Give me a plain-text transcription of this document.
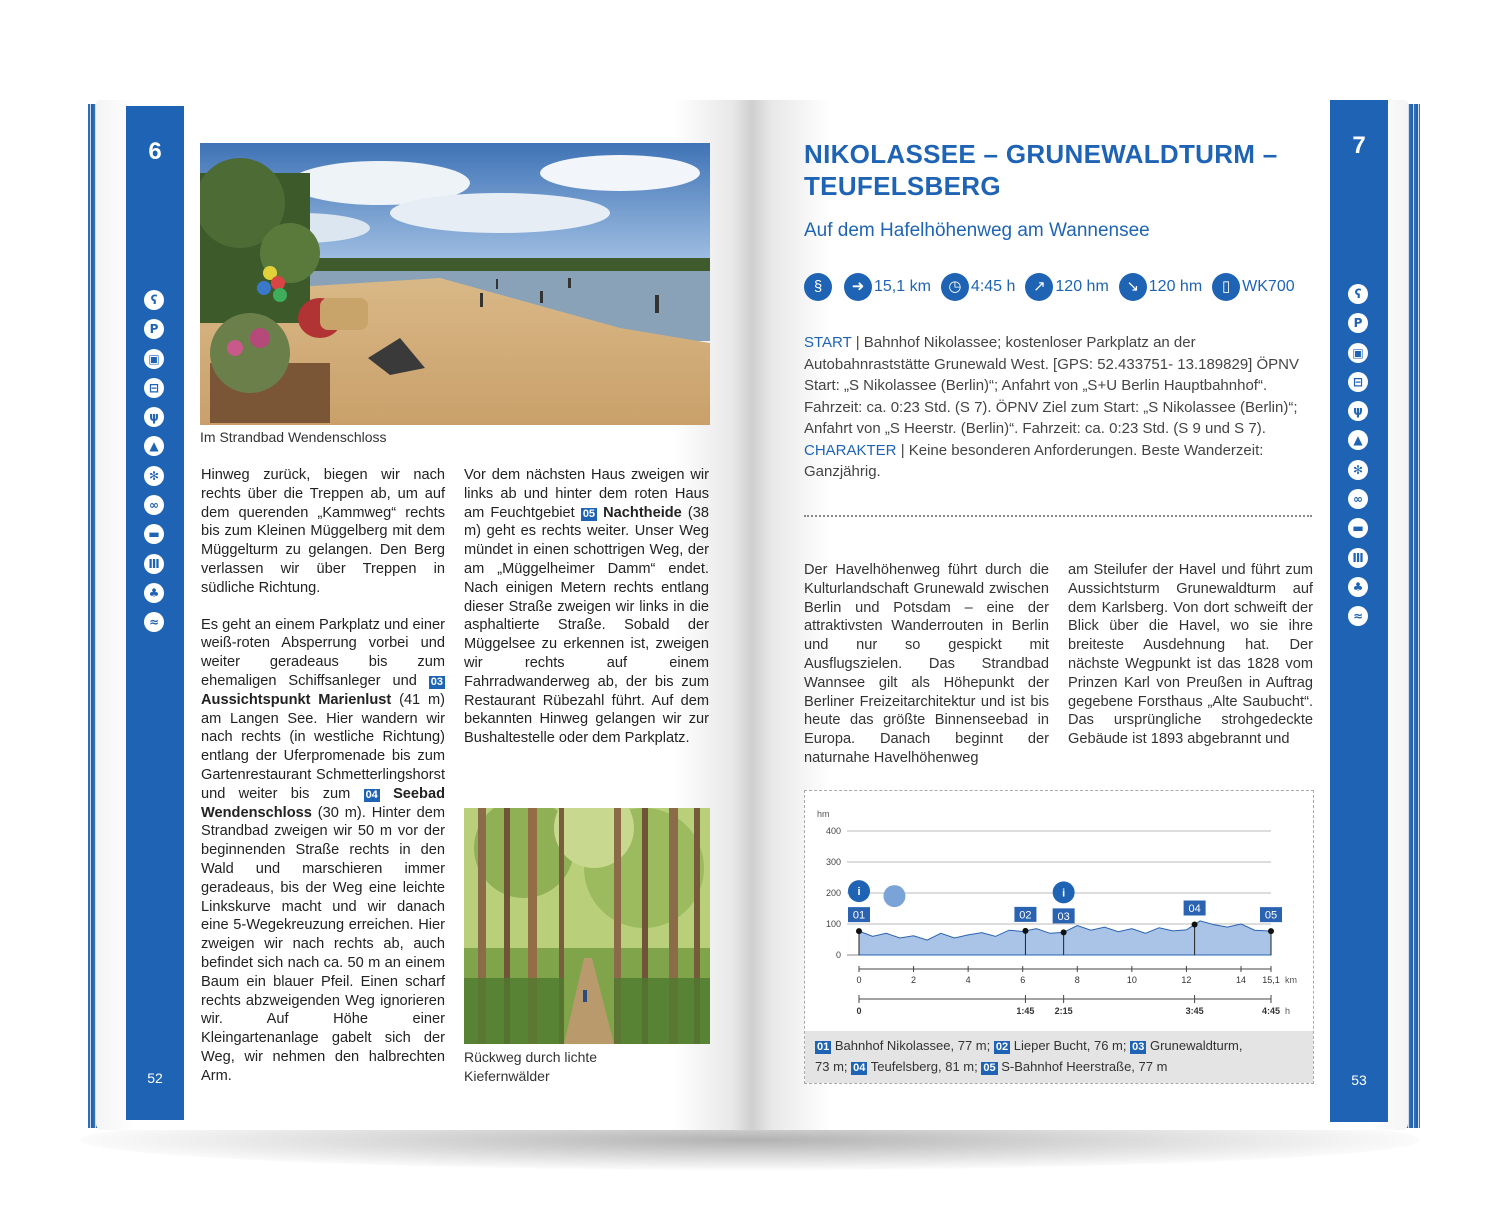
6
ʕ
P
▣
⊟
ψ
▲
✻
∞
▬
Ⅲ
♣
≈
52
7
ʕ
P
▣
⊟
ψ
▲
✻
∞
▬
Ⅲ
♣
≈
53
Im Strandbad Wendenschloss

Hinweg zurück, biegen wir nach rechts über die Treppen ab, um auf dem querenden „Kammweg“ rechts bis zum Kleinen Müggelberg mit dem Müggelturm zu gelangen. Den Berg verlassen wir über Treppen in südliche Richtung.

Es geht an einem Parkplatz und einer weiß-roten Absperrung vorbei und weiter geradeaus bis zum ehemaligen Schiffsanleger und 03 Aussichtspunkt Marienlust (41 m) am Langen See. Hier wandern wir nach rechts (in westliche Richtung) entlang der Uferpromenade bis zum Gartenrestaurant Schmetterlingshorst und weiter bis zum 04 Seebad Wendenschloss (30 m). Hinter dem Strandbad zweigen wir 50 m vor der beginnenden Straße rechts in den Wald und marschieren immer geradeaus, bis der Weg eine leichte Linkskurve macht und wir danach eine 5-Wegekreuzung erreichen. Hier zweigen wir nach rechts ab, auch befindet sich nach ca. 50 m an einem Baum ein blauer Pfeil. Einen scharf rechts abzweigenden Weg ignorieren wir. Auf Höhe einer Kleingartenanlage gabelt sich der Weg, wir nehmen den halbrechten Arm.

Vor dem nächsten Haus zweigen wir links ab und hinter dem roten Haus am Feuchtgebiet 05 Nachtheide (38 m) geht es rechts weiter. Unser Weg mündet in einen schottrigen Weg, der am „Müggelheimer Damm“ endet. Nach einigen Metern rechts entlang dieser Straße zweigen wir links in die asphaltierte Straße. Sobald der Müggelsee zu erkennen ist, zweigen wir rechts auf einem Fahrradwanderweg ab, der bis zum Restaurant Rübezahl führt. Auf dem bekannten Hinweg gelangen wir zur Bushaltestelle oder dem Parkplatz.

Rückweg durch lichte
Kiefernwälder
NIKOLASSEE – GRUNEWALDTURM –
TEUFELSBERG
Auf dem Hafelhöhenweg am Wannensee
§	➜ 15,1 km	◷ 4:45 h	↗ 120 hm	↘ 120 hm	▯ WK700
START | Bahnhof Nikolassee; kostenloser Parkplatz an der Autobahnraststätte Grunewald West. [GPS: 52.433751- 13.189829] ÖPNV Start: „S Nikolassee (Berlin)“; Anfahrt von „S+U Berlin Hauptbahnhof“. Fahrzeit: ca. 0:23 Std. (S 7). ÖPNV Ziel zum Start: „S Nikolassee (Berlin)“; Anfahrt von „S Heerstr. (Berlin)“. Fahrzeit: ca. 0:23 Std. (S 9 und S 7).
CHARAKTER | Keine besonderen Anforderungen. Beste Wanderzeit: Ganzjährig.
Der Havelhöhenweg führt durch die Kulturlandschaft Grunewald zwischen Berlin und Potsdam – eine der attraktivsten Wanderrouten in Berlin und nur so gespickt mit Ausflugszielen. Das Strandbad Wannsee gilt als Höhepunkt der Berliner Freizeitarchitektur und ist bis heute das größte Binnenseebad in Europa. Danach beginnt der naturnahe Havelhöhenweg
am Steilufer der Havel und führt zum Aussichtsturm Grunewaldturm auf dem Karlsberg. Von dort schweift der Blick über die Havel, wo sie ihre breiteste Ausdehnung hat. Der nächste Wegpunkt ist das 1828 vom Prinzen Karl von Preußen in Auftrag gegebene Forsthaus „Alte Saubucht“. Das ursprüngliche strohgedeckte Gebäude ist 1893 abgebrannt und
hm
0
100
200
300
400
0	2	4	6	8	10	12	14 15,1 km
0	1:45 2:15	3:45	4:45 h
01	02 03
04
05
i	i
01 Bahnhof Nikolassee, 77 m; 02 Lieper Bucht, 76 m; 03 Grunewaldturm,
73 m; 04 Teufelsberg, 81 m; 05 S-Bahnhof Heerstraße, 77 m
